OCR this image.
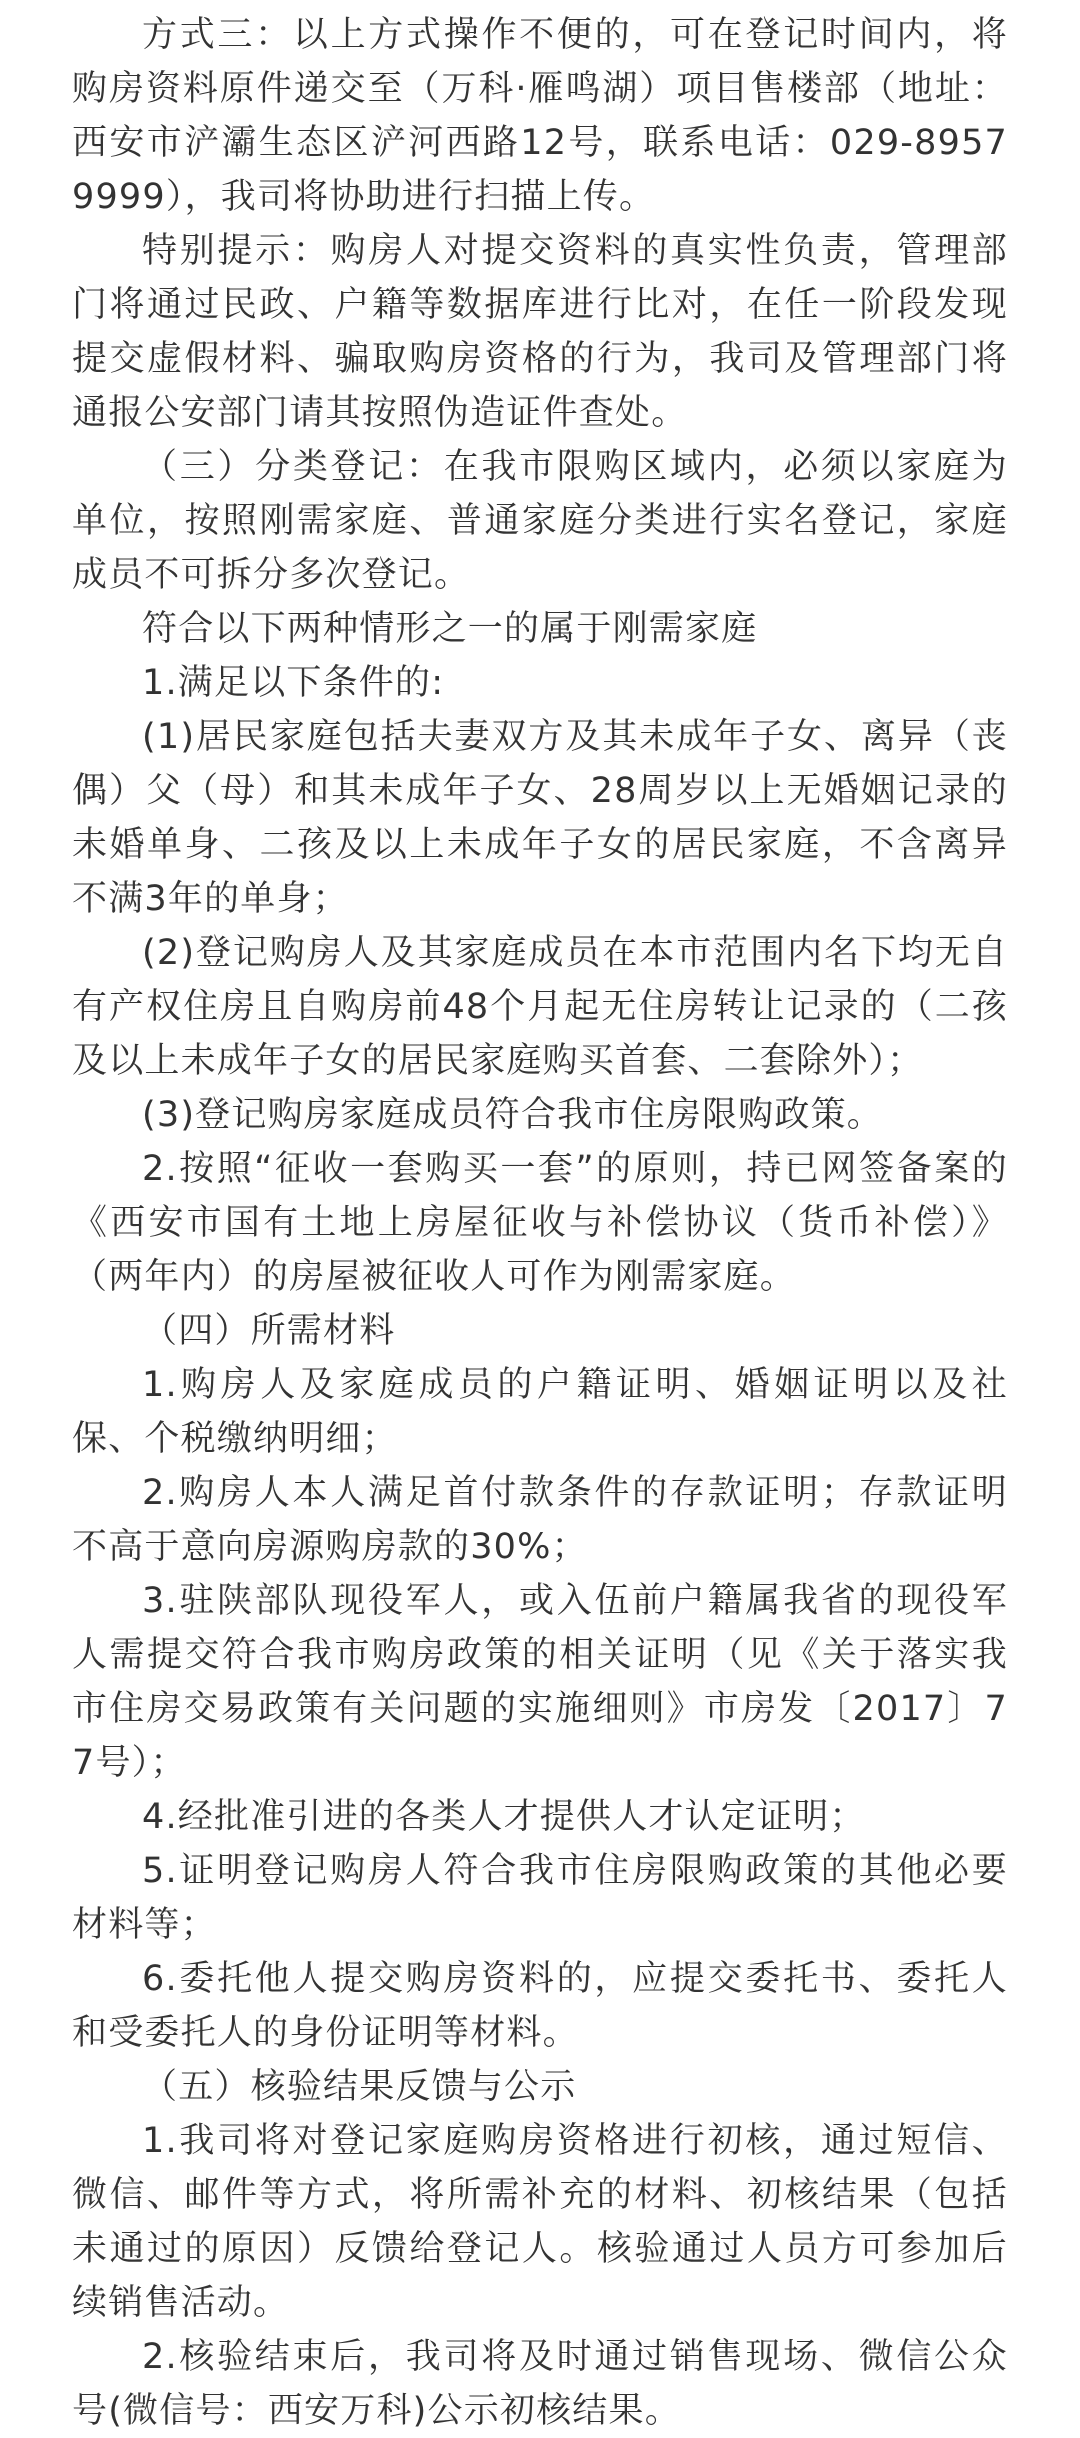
方式三：以上方式操作不便的，可在登记时间内，将购房资料原件递交至（万科·雁鸣湖）项目售楼部（地址：西安市浐灞生态区浐河西路12号，联系电话：029-89579999），我司将协助进行扫描上传。

特别提示：购房人对提交资料的真实性负责，管理部门将通过民政、户籍等数据库进行比对，在任一阶段发现提交虚假材料、骗取购房资格的行为，我司及管理部门将通报公安部门请其按照伪造证件查处。

（三）分类登记：在我市限购区域内，必须以家庭为单位，按照刚需家庭、普通家庭分类进行实名登记，家庭成员不可拆分多次登记。

符合以下两种情形之一的属于刚需家庭

1.满足以下条件的:

(1)居民家庭包括夫妻双方及其未成年子女、离异（丧偶）父（母）和其未成年子女、28周岁以上无婚姻记录的未婚单身、二孩及以上未成年子女的居民家庭，不含离异不满3年的单身；

(2)登记购房人及其家庭成员在本市范围内名下均无自有产权住房且自购房前48个月起无住房转让记录的（二孩及以上未成年子女的居民家庭购买首套、二套除外）；

(3)登记购房家庭成员符合我市住房限购政策。

2.按照“征收一套购买一套”的原则，持已网签备案的《西安市国有土地上房屋征收与补偿协议（货币补偿）》（两年内）的房屋被征收人可作为刚需家庭。

（四）所需材料

1.购房人及家庭成员的户籍证明、婚姻证明以及社保、个税缴纳明细；

2.购房人本人满足首付款条件的存款证明；存款证明不高于意向房源购房款的30%；

3.驻陕部队现役军人，或入伍前户籍属我省的现役军人需提交符合我市购房政策的相关证明（见《关于落实我市住房交易政策有关问题的实施细则》市房发〔2017〕77号）；

4.经批准引进的各类人才提供人才认定证明；

5.证明登记购房人符合我市住房限购政策的其他必要材料等；

6.委托他人提交购房资料的，应提交委托书、委托人和受委托人的身份证明等材料。

（五）核验结果反馈与公示

1.我司将对登记家庭购房资格进行初核，通过短信、微信、邮件等方式，将所需补充的材料、初核结果（包括未通过的原因）反馈给登记人。核验通过人员方可参加后续销售活动。

2.核验结束后，我司将及时通过销售现场、微信公众号(微信号：西安万科)公示初核结果。
